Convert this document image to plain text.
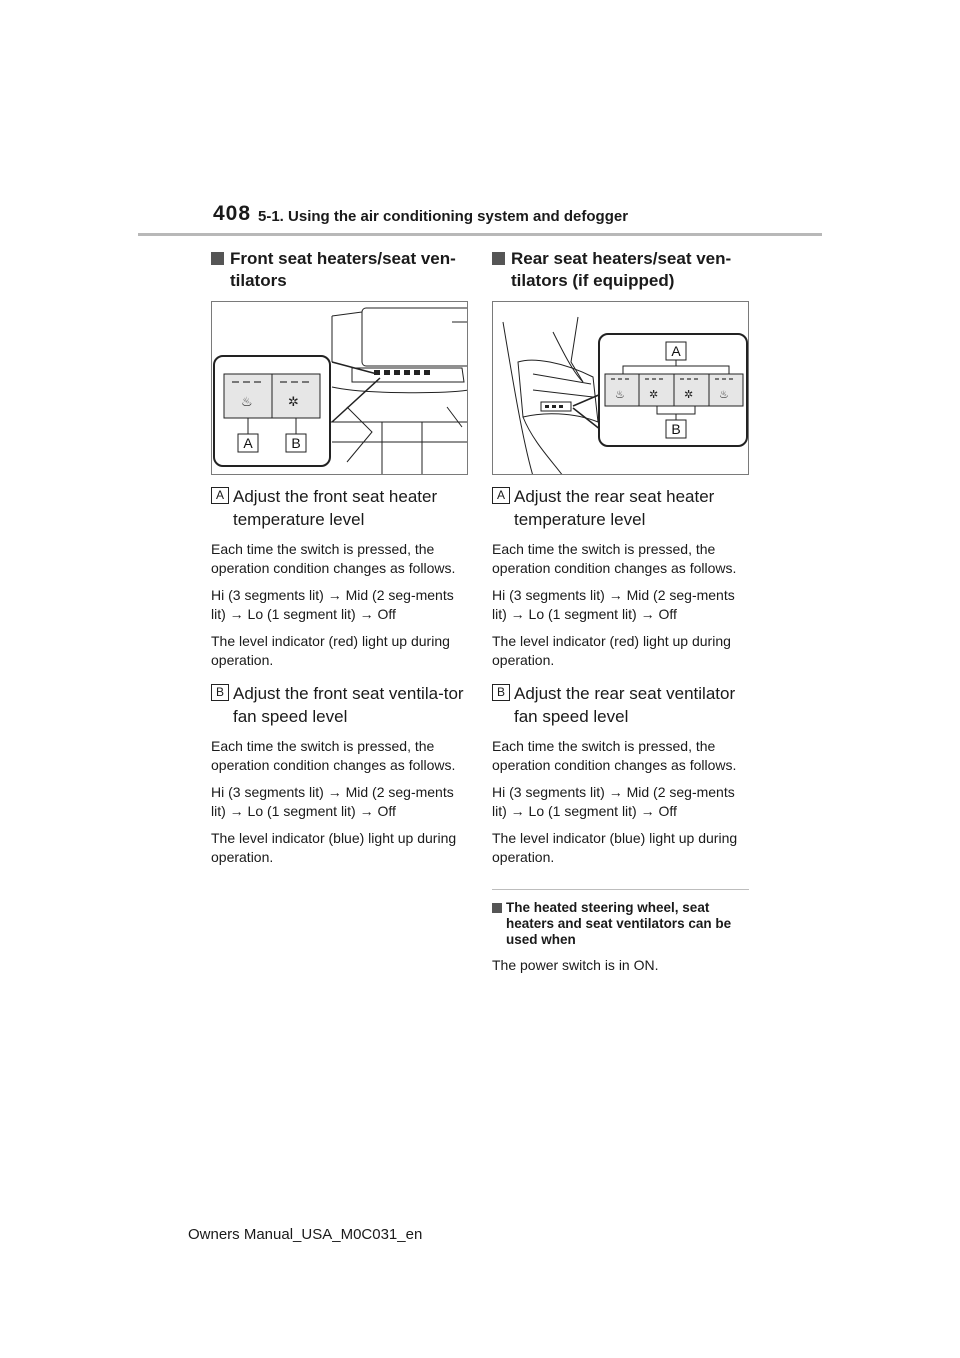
408 5-1. Using the air conditioning system and defogger
Front seat heaters/seat ven-
tilators
♨	✲
A	B
A Adjust the front seat heater temperature level
Each time the switch is pressed, the operation condition changes as follows.
Hi (3 segments lit) → Mid (2 seg-ments lit) → Lo (1 segment lit) → Off
The level indicator (red) light up during operation.
B Adjust the front seat ventila-tor fan speed level
Each time the switch is pressed, the operation condition changes as follows.
Hi (3 segments lit) → Mid (2 seg-ments lit) → Lo (1 segment lit) → Off
The level indicator (blue) light up during operation.
Rear seat heaters/seat ven-
tilators (if equipped)
♨ ✲ ✲ ♨
A
B
A Adjust the rear seat heater temperature level
Each time the switch is pressed, the operation condition changes as follows.
Hi (3 segments lit) → Mid (2 seg-ments lit) → Lo (1 segment lit) → Off
The level indicator (red) light up during operation.
B Adjust the rear seat ventilator fan speed level
Each time the switch is pressed, the operation condition changes as follows.
Hi (3 segments lit) → Mid (2 seg-ments lit) → Lo (1 segment lit) → Off
The level indicator (blue) light up during operation.
The heated steering wheel, seat heaters and seat ventilators can be used when
The power switch is in ON.
Owners Manual_USA_M0C031_en
